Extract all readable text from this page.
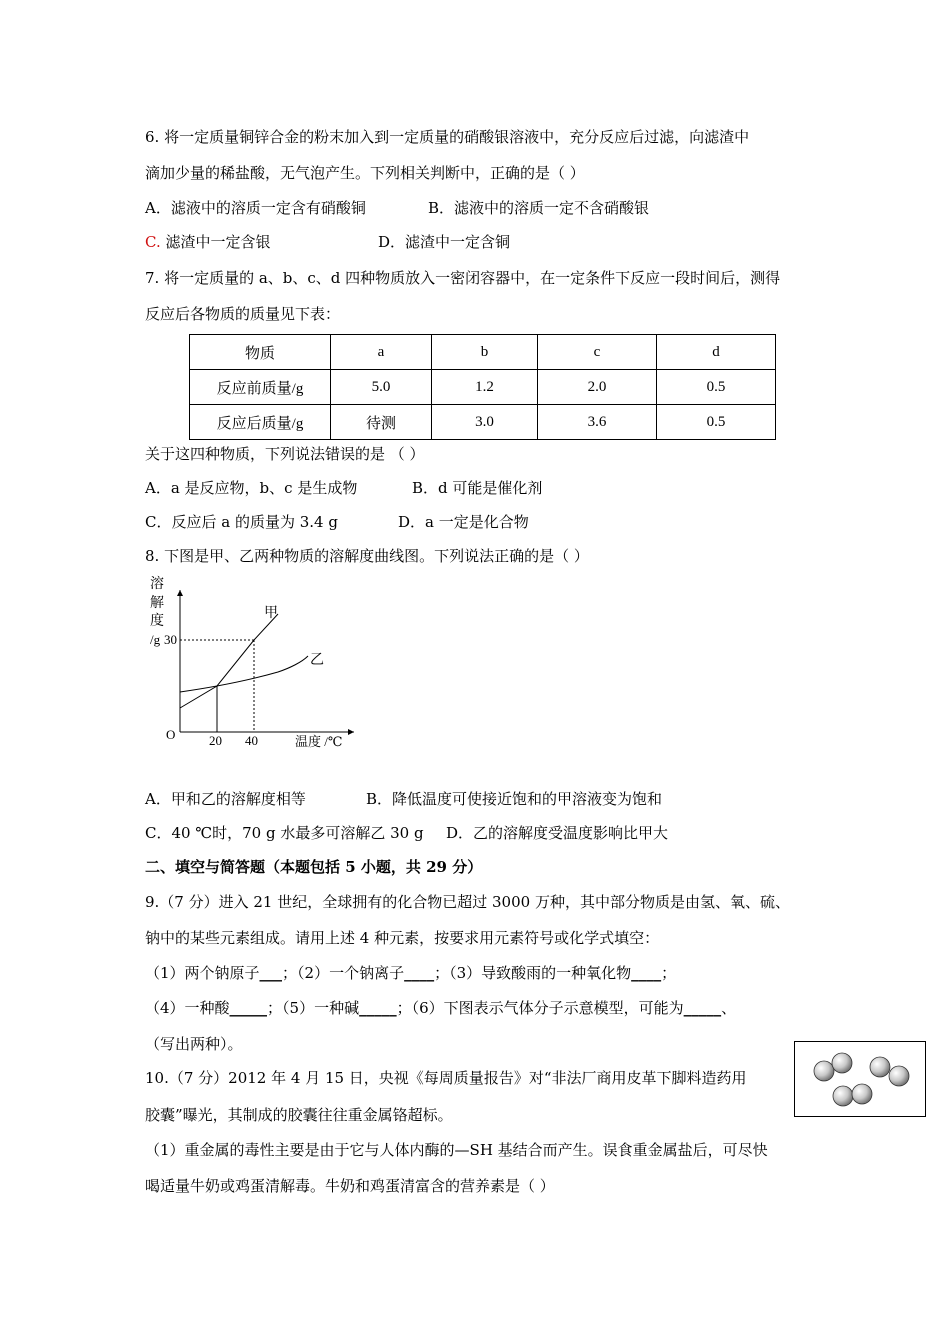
6. 将一定质量铜锌合金的粉末加入到一定质量的硝酸银溶液中，充分反应后过滤，向滤渣中
滴加少量的稀盐酸，无气泡产生。下列相关判断中，正确的是（ ）
A．滤液中的溶质一定含有硝酸铜	B．滤液中的溶质一定不含硝酸银
C. 滤渣中一定含银	D．滤渣中一定含铜
7. 将一定质量的 a、b、c、d 四种物质放入一密闭容器中，在一定条件下反应一段时间后，测得
反应后各物质的质量见下表：
物质	a	b	c	d
反应前质量/g	5.0	1.2	2.0	0.5
反应后质量/g	待测	3.0	3.6	0.5
关于这四种物质，下列说法错误的是 （ ）
A．a 是反应物，b、c 是生成物	B．d 可能是催化剂
C．反应后 a 的质量为 3.4 g	D．a 一定是化合物
8. 下图是甲、乙两种物质的溶解度曲线图。下列说法正确的是（ ）
溶
解
度
/g 30
O	20 40	温度 /℃
甲
乙
A．甲和乙的溶解度相等	B．降低温度可使接近饱和的甲溶液变为饱和
C．40 ℃时，70 g 水最多可溶解乙 30 g D．乙的溶解度受温度影响比甲大
二、填空与简答题（本题包括 5 小题，共 29 分）
9.（7 分）进入 21 世纪，全球拥有的化合物已超过 3000 万种，其中部分物质是由氢、氧、硫、
钠中的某些元素组成。请用上述 4 种元素，按要求用元素符号或化学式填空：
（1）两个钠原子___；（2）一个钠离子____；（3）导致酸雨的一种氧化物____；
（4）一种酸_____；（5）一种碱_____；（6）下图表示气体分子示意模型，可能为_____、
（写出两种）。
10.（7 分）2012 年 4 月 15 日，央视《每周质量报告》对“非法厂商用皮革下脚料造药用
胶囊”曝光，其制成的胶囊往往重金属铬超标。
（1）重金属的毒性主要是由于它与人体内酶的—SH 基结合而产生。误食重金属盐后，可尽快
喝适量牛奶或鸡蛋清解毒。牛奶和鸡蛋清富含的营养素是（ ）
